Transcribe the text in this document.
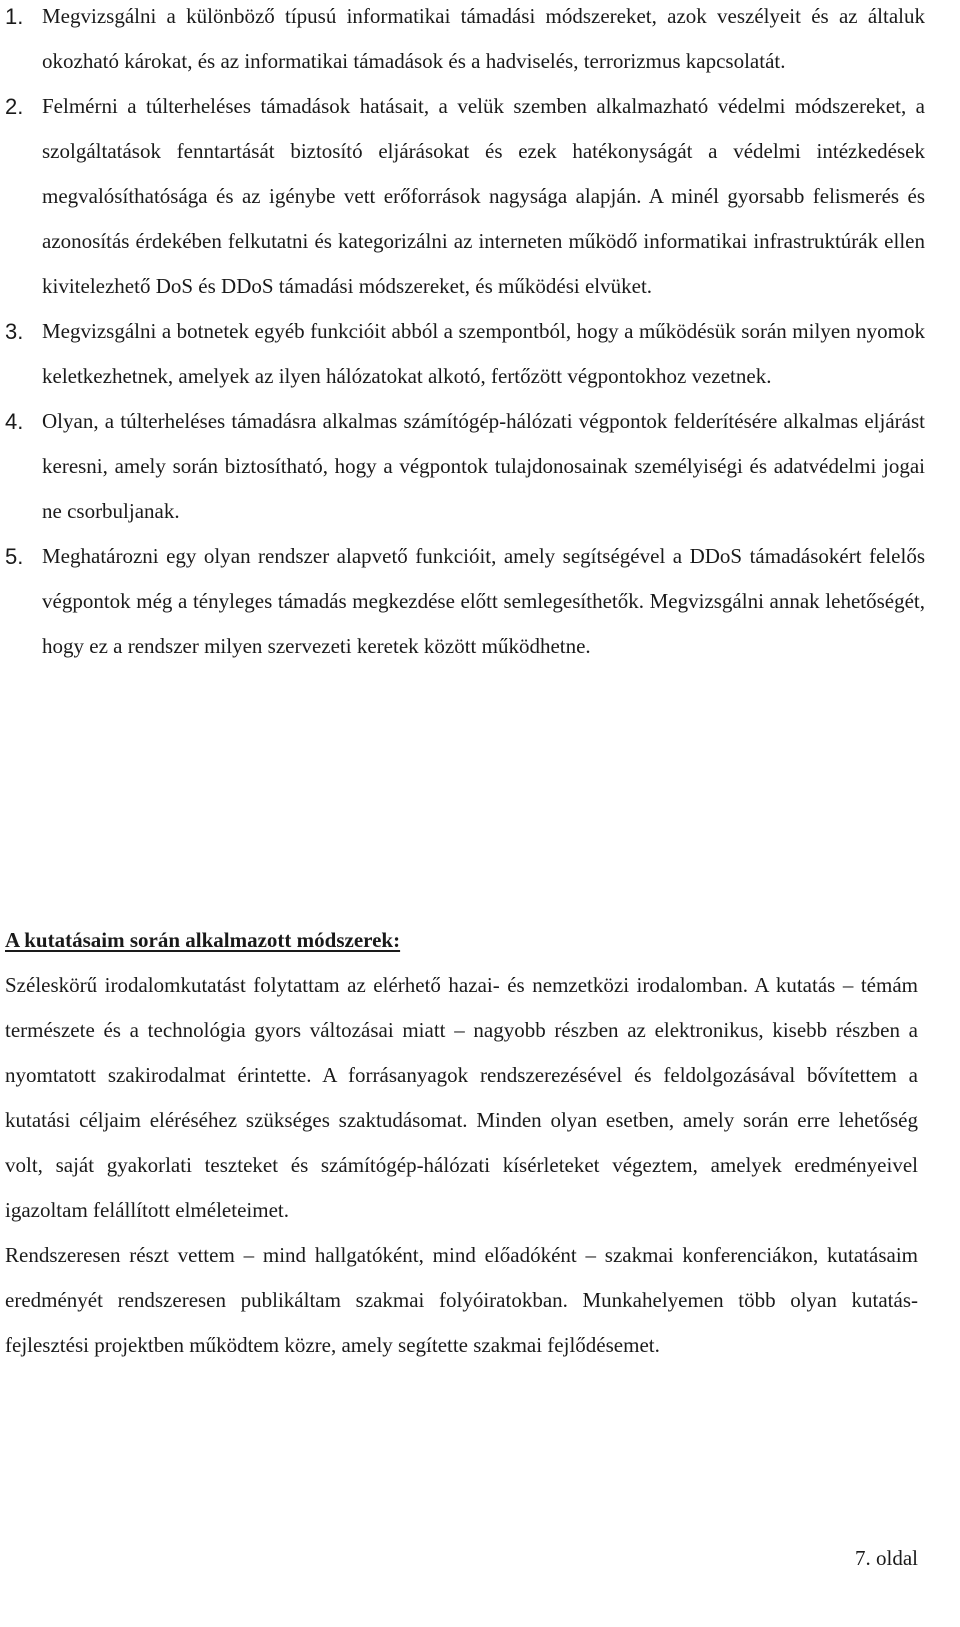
1. Megvizsgálni a különböző típusú informatikai támadási módszereket, azok veszélyeit és az általuk okozható károkat, és az informatikai támadások és a hadviselés, terrorizmus kapcsolatát.
2. Felmérni a túlterheléses támadások hatásait, a velük szemben alkalmazható védelmi módszereket, a szolgáltatások fenntartását biztosító eljárásokat és ezek hatékonyságát a védelmi intézkedések megvalósíthatósága és az igénybe vett erőforrások nagysága alapján. A minél gyorsabb felismerés és azonosítás érdekében felkutatni és kategorizálni az interneten működő informatikai infrastruktúrák ellen kivitelezhető DoS és DDoS támadási módszereket, és működési elvüket.
3. Megvizsgálni a botnetek egyéb funkcióit abból a szempontból, hogy a működésük során milyen nyomok keletkezhetnek, amelyek az ilyen hálózatokat alkotó, fertőzött végpontokhoz vezetnek.
4. Olyan, a túlterheléses támadásra alkalmas számítógép-hálózati végpontok felderítésére alkalmas eljárást keresni, amely során biztosítható, hogy a végpontok tulajdonosainak személyiségi és adatvédelmi jogai ne csorbuljanak.
5. Meghatározni egy olyan rendszer alapvető funkcióit, amely segítségével a DDoS támadásokért felelős végpontok még a tényleges támadás megkezdése előtt semlegesíthetők. Megvizsgálni annak lehetőségét, hogy ez a rendszer milyen szervezeti keretek között működhetne.

A kutatásaim során alkalmazott módszerek:

Széleskörű irodalomkutatást folytattam az elérhető hazai- és nemzetközi irodalomban. A kutatás – témám természete és a technológia gyors változásai miatt – nagyobb részben az elektronikus, kisebb részben a nyomtatott szakirodalmat érintette. A forrásanyagok rendszerezésével és feldolgozásával bővítettem a kutatási céljaim eléréséhez szükséges szaktudásomat. Minden olyan esetben, amely során erre lehetőség volt, saját gyakorlati teszteket és számítógép-hálózati kísérleteket végeztem, amelyek eredményeivel igazoltam felállított elméleteimet.

Rendszeresen részt vettem – mind hallgatóként, mind előadóként – szakmai konferenciákon, kutatásaim eredményét rendszeresen publikáltam szakmai folyóiratokban. Munkahelyemen több olyan kutatás-fejlesztési projektben működtem közre, amely segítette szakmai fejlődésemet.

7. oldal
